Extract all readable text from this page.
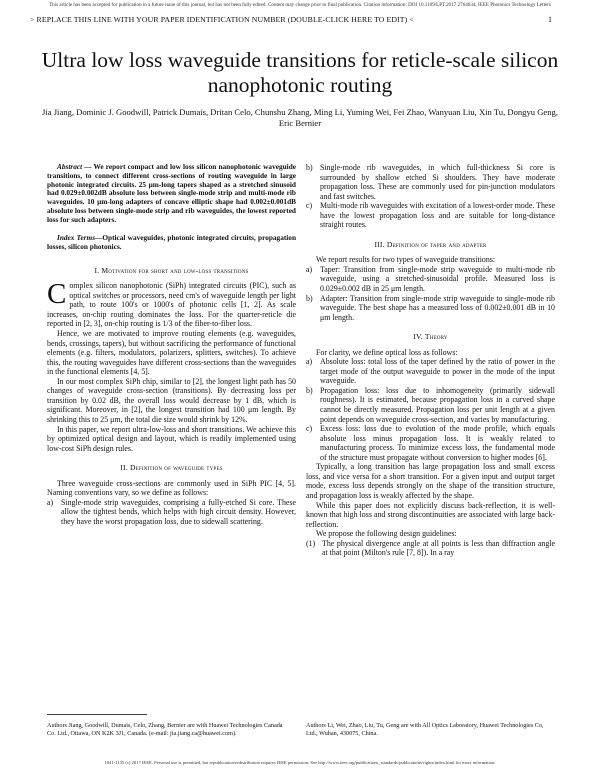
This article has been accepted for publication in a future issue of this journal, but has not been fully edited. Content may change prior to final publication. Citation information: DOI 10.1109/LPT.2017.2764634, IEEE Photonics Technology Letters
> REPLACE THIS LINE WITH YOUR PAPER IDENTIFICATION NUMBER (DOUBLE-CLICK HERE TO EDIT) <	1
Ultra low loss waveguide transitions for reticle-scale silicon nanophotonic routing
Jia Jiang, Dominic J. Goodwill, Patrick Dumais, Dritan Celo, Chunshu Zhang, Ming Li, Yuming Wei, Fei Zhao, Wanyuan Liu, Xin Tu, Dongyu Geng, Eric Bernier
Abstract — We report compact and low loss silicon nanophotonic waveguide transitions, to connect different cross-sections of routing waveguide in large photonic integrated circuits. 25 μm-long tapers shaped as a stretched sinusoid had 0.029±0.002dB absolute loss between single-mode strip and multi-mode rib waveguides. 10 μm-long adapters of concave elliptic shape had 0.002±0.001dB absolute loss between single-mode strip and rib waveguides, the lowest reported loss for such adapters.
Index Terms—Optical waveguides, photonic integrated circuits, propagation losses, silicon photonics.
I. Motivation for short and low-loss transitions

Complex silicon nanophotonic (SiPh) integrated circuits (PIC), such as optical switches or processors, need cm's of waveguide length per light path, to route 100's or 1000's of photonic cells [1, 2]. As scale increases, on-chip routing dominates the loss. For the quarter-reticle die reported in [2, 3], on-chip routing is 1/3 of the fiber-to-fiber loss.

Hence, we are motivated to improve routing elements (e.g. waveguides, bends, crossings, tapers), but without sacrificing the performance of functional elements (e.g. filters, modulators, polarizers, splitters, switches). To achieve this, the routing waveguides have different cross-sections than the waveguides in the functional elements [4, 5].

In our most complex SiPh chip, similar to [2], the longest light path has 50 changes of waveguide cross-section (transitions). By decreasing loss per transition by 0.02 dB, the overall loss would decrease by 1 dB, which is significant. Moreover, in [2], the longest transition had 100 μm length. By shrinking this to 25 μm, the total die size would shrink by 12%.

In this paper, we report ultra-low-loss and short transitions. We achieve this by optimized optical design and layout, which is readily implemented using low-cost SiPh design rules.

II. Definition of waveguide types

Three waveguide cross-sections are commonly used in SiPh PIC [4, 5]. Naming conventions vary, so we define as follows:

a) Single-mode strip waveguides, comprising a fully-etched Si core. These allow the tightest bends, which helps with high circuit density. However, they have the worst propagation loss, due to sidewall scattering.
b) Single-mode rib waveguides, in which full-thickness Si core is surrounded by shallow etched Si shoulders. They have moderate propagation loss. These are commonly used for pin-junction modulators and fast switches.
c) Multi-mode rib waveguides with excitation of a lowest-order mode. These have the lowest propagation loss and are suitable for long-distance straight routes.
III. Definition of taper and adapter

We report results for two types of waveguide transitions:

a) Taper: Transition from single-mode strip waveguide to multi-mode rib waveguide, using a stretched-sinusoidal profile. Measured loss is 0.029±0.002 dB in 25 μm length.
b) Adapter: Transition from single-mode strip waveguide to single-mode rib waveguide. The best shape has a measured loss of 0.002±0.001 dB in 10 μm length.
IV. Theory

For clarity, we define optical loss as follows:

a) Absolute loss: total loss of the taper defined by the ratio of power in the target mode of the output waveguide to power in the mode of the input waveguide.
b) Propagation loss: loss due to inhomogeneity (primarily sidewall roughness). It is estimated, because propagation loss in a curved shape cannot be directly measured. Propagation loss per unit length at a given point depends on waveguide cross-section, and varies by manufacturing.
c) Excess loss: loss due to evolution of the mode profile, which equals absolute loss minus propagation loss. It is weakly related to manufacturing process. To minimize excess loss, the fundamental mode of the structure must propagate without conversion to higher modes [6].

Typically, a long transition has large propagation loss and small excess loss, and vice versa for a short transition. For a given input and output target mode, excess loss depends strongly on the shape of the transition structure, and propagation loss is weakly affected by the shape.

While this paper does not explicitly discuss back-reflection, it is well-known that high loss and strong discontinuities are associated with large back-reflection.

We propose the following design guidelines:

(1) The physical divergence angle at all points is less than diffraction angle at that point (Milton's rule [7, 8]). In a ray
Authors Jiang, Goodwill, Dumais, Celo, Zhang, Bernier are with Huawei Technologies Canada Co. Ltd., Ottawa, ON K2K 3J1, Canada. (e-mail: jia.jiang.ca@huawei.com).
Authors Li, Wei, Zhao, Liu, Tu, Geng are with All Optics Laboratory, Huawei Technologies Co, Ltd., Wuhan, 430075, China.
1041-1135 (c) 2017 IEEE. Personal use is permitted, but republication/redistribution requires IEEE permission. See http://www.ieee.org/publications_standards/publications/rights/index.html for more information.
